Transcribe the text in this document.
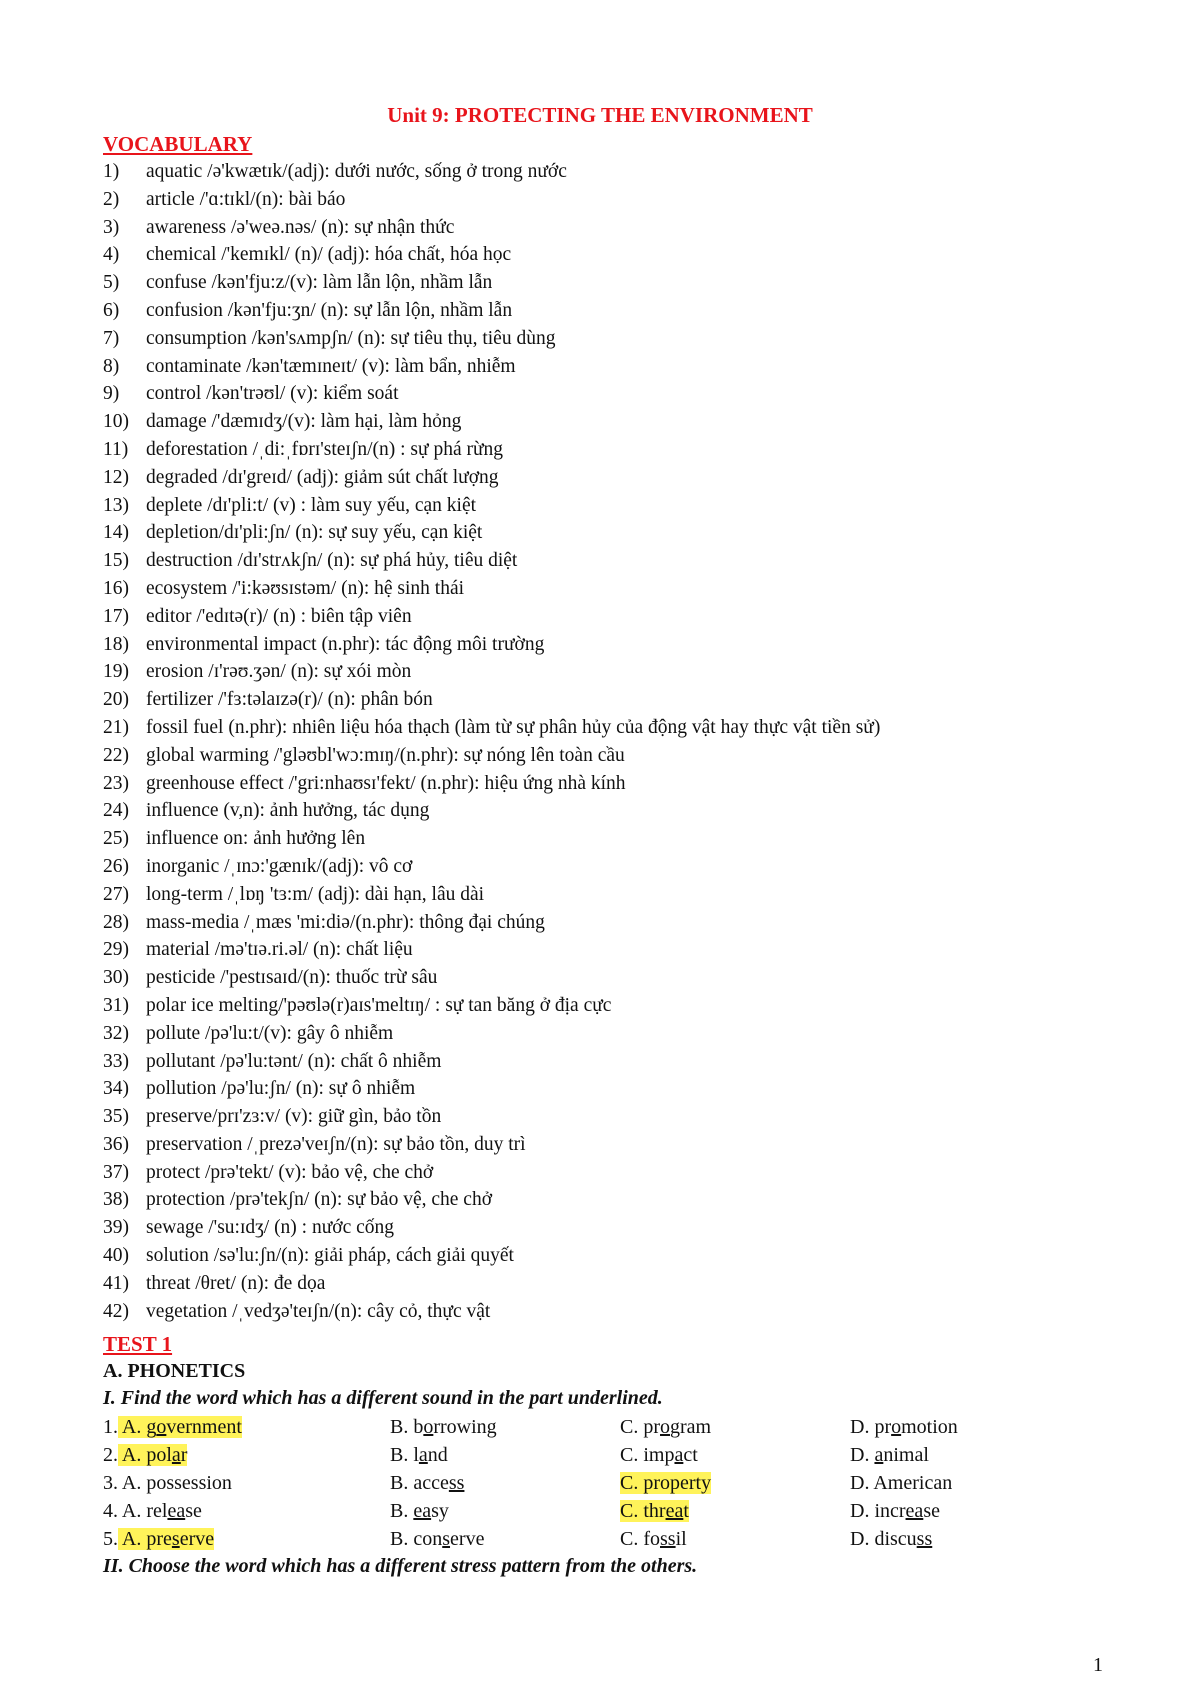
Unit 9: PROTECTING THE ENVIRONMENT
VOCABULARY
1)	aquatic /ə'kwætɪk/(adj): dưới nước, sống ở trong nước
2)	article /'ɑ:tɪkl/(n): bài báo
3)	awareness /ə'weə.nəs/ (n): sự nhận thức
4)	chemical /'kemɪkl/ (n)/ (adj): hóa chất, hóa học
5)	confuse /kən'fju:z/(v): làm lẫn lộn, nhầm lẫn
6)	confusion /kən'fju:ʒn/ (n): sự lẫn lộn, nhầm lẫn
7)	consumption /kən'sʌmpʃn/ (n): sự tiêu thụ, tiêu dùng
8)	contaminate /kən'tæmɪneɪt/ (v): làm bẩn, nhiễm
9)	control /kən'trəʊl/ (v): kiểm soát
10) damage /'dæmɪdʒ/(v): làm hại, làm hỏng
11) deforestation /ˌdi:ˌfɒrɪ'steɪʃn/(n) : sự phá rừng
12) degraded /dɪ'greɪd/ (adj): giảm sút chất lượng
13) deplete /dɪ'pli:t/ (v) : làm suy yếu, cạn kiệt
14) depletion/dɪ'pli:ʃn/ (n): sự suy yếu, cạn kiệt
15) destruction /dɪ'strʌkʃn/ (n): sự phá hủy, tiêu diệt
16) ecosystem /'i:kəʊsɪstəm/ (n): hệ sinh thái
17) editor /'edɪtə(r)/ (n) : biên tập viên
18) environmental impact (n.phr): tác động môi trường
19) erosion /ɪ'rəʊ.ʒən/ (n): sự xói mòn
20) fertilizer /'fɜ:təlaɪzə(r)/ (n): phân bón
21) fossil fuel (n.phr): nhiên liệu hóa thạch (làm từ sự phân hủy của động vật hay thực vật tiền sử)
22) global warming /'gləʊbl'wɔ:mɪŋ/(n.phr): sự nóng lên toàn cầu
23) greenhouse effect /'gri:nhaʊsɪ'fekt/ (n.phr): hiệu ứng nhà kính
24) influence (v,n): ảnh hưởng, tác dụng
25) influence on: ảnh hưởng lên
26) inorganic /ˌɪnɔ:'gænɪk/(adj): vô cơ
27) long-term /ˌlɒŋ 'tɜ:m/ (adj): dài hạn, lâu dài
28) mass-media /ˌmæs 'mi:diə/(n.phr): thông đại chúng
29) material /mə'tɪə.ri.əl/ (n): chất liệu
30) pesticide /'pestɪsaɪd/(n): thuốc trừ sâu
31) polar ice melting/'pəʊlə(r)aɪs'meltɪŋ/ : sự tan băng ở địa cực
32) pollute /pə'lu:t/(v): gây ô nhiễm
33) pollutant /pə'lu:tənt/ (n): chất ô nhiễm
34) pollution /pə'lu:ʃn/ (n): sự ô nhiễm
35) preserve/prɪ'zɜ:v/ (v): giữ gìn, bảo tồn
36) preservation /ˌprezə'veɪʃn/(n): sự bảo tồn, duy trì
37) protect /prə'tekt/ (v): bảo vệ, che chở
38) protection /prə'tekʃn/ (n): sự bảo vệ, che chở
39) sewage /'su:ɪdʒ/ (n) : nước cống
40) solution /sə'lu:ʃn/(n): giải pháp, cách giải quyết
41) threat /θret/ (n): đe dọa
42) vegetation /ˌvedʒə'teɪʃn/(n): cây cỏ, thực vật
TEST 1
A. PHONETICS

I. Find the word which has a different sound in the part underlined.

1. A. government	B. borrowing	C. program	D. promotion
2. A. polar	B. land	C. impact	D. animal
3. A. possession	B. access	C. property	D. American
4. A. release	B. easy	C. threat	D. increase
5. A. preserve	B. conserve	C. fossil	D. discuss

II. Choose the word which has a different stress pattern from the others.

1
